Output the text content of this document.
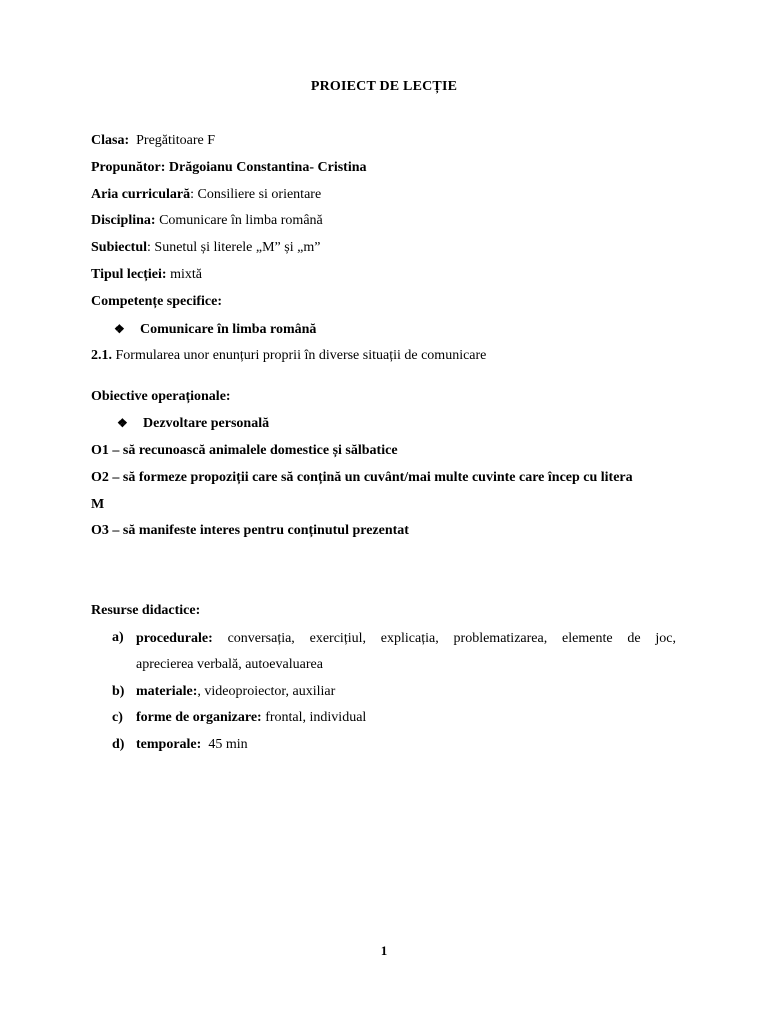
PROIECT DE LECȚIE
Clasa: Pregătitoare F
Propunător: Drăgoianu Constantina- Cristina
Aria curriculară: Consiliere si orientare
Disciplina: Comunicare în limba română
Subiectul: Sunetul și literele „M” și „m”
Tipul lecției: mixtă
Competențe specifice:
❖ Comunicare în limba română
2.1. Formularea unor enunțuri proprii în diverse situații de comunicare
Obiective operaționale:
❖ Dezvoltare personală
O1 – să recunoască animalele domestice și sălbatice
O2 – să formeze propoziții care să conțină un cuvânt/mai multe cuvinte care încep cu litera
M
O3 – să manifeste interes pentru conținutul prezentat
Resurse didactice:
a) procedurale: conversația, exercițiul, explicația, problematizarea, elemente de joc,
aprecierea verbală, autoevaluarea
b) materiale:, videoproiector, auxiliar
c) forme de organizare: frontal, individual
d) temporale: 45 min
1
